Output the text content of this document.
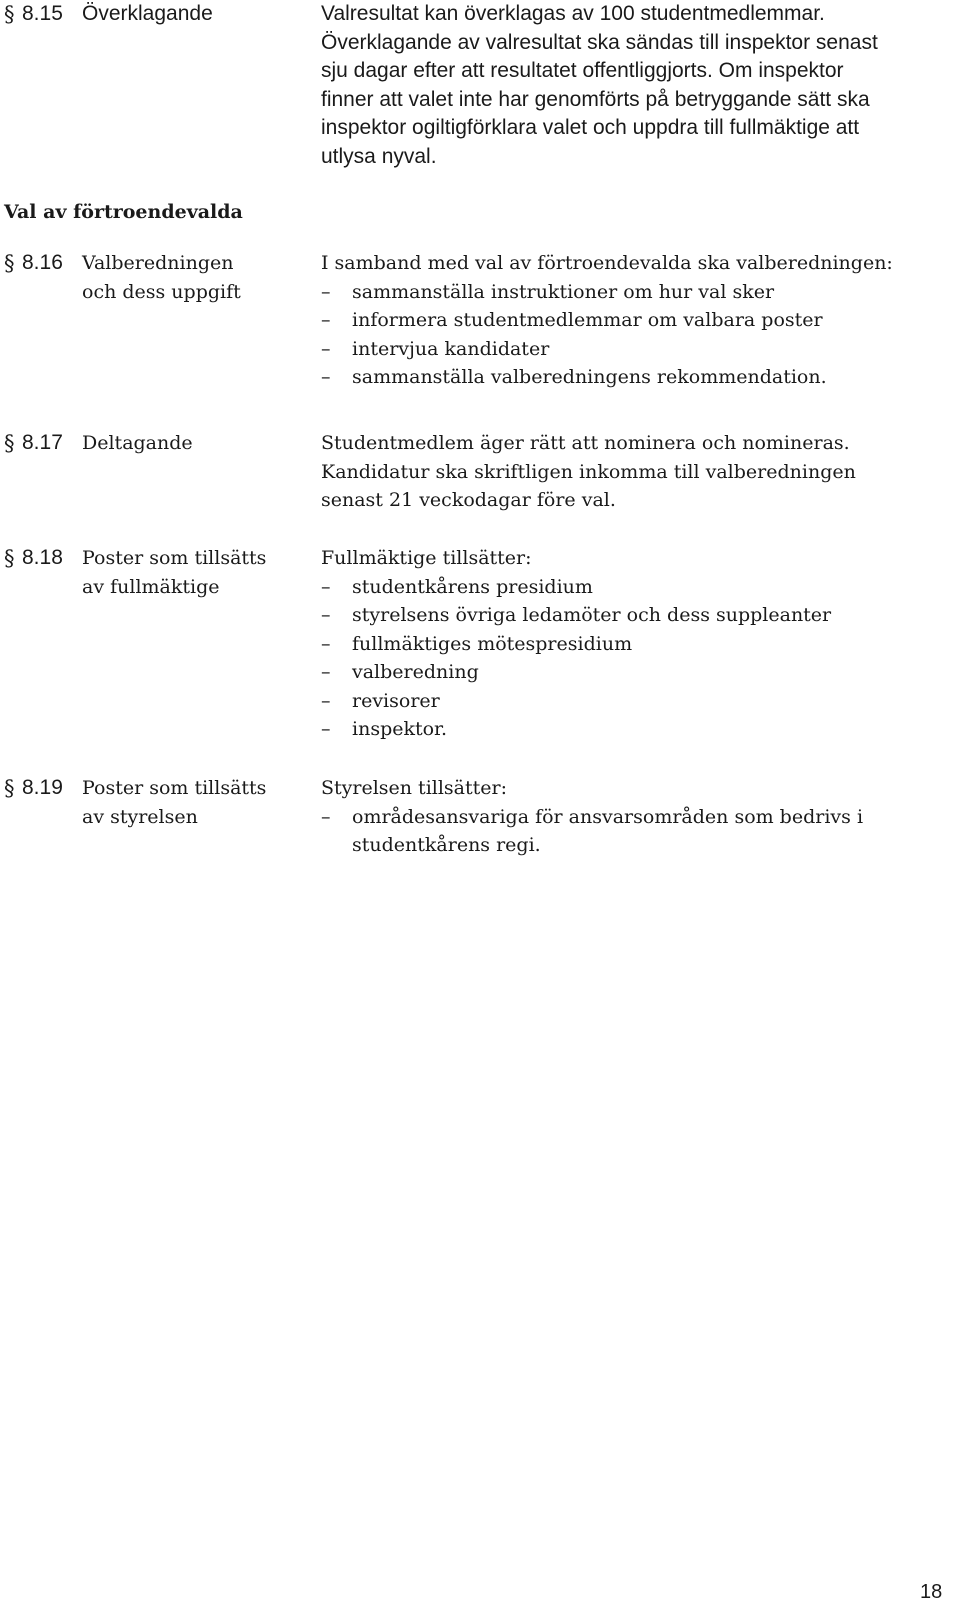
§ 8.15 Överklagande	Valresultat kan överklagas av 100 studentmedlemmar.
Överklagande av valresultat ska sändas till inspektor senast
sju dagar efter att resultatet offentliggjorts. Om inspektor
finner att valet inte har genomförts på betryggande sätt ska
inspektor ogiltigförklara valet och uppdra till fullmäktige att
utlysa nyval.
Val av förtroendevalda
§ 8.16 Valberedningen
och dess uppgift
I samband med val av förtroendevalda ska valberedningen:
– sammanställa instruktioner om hur val sker
– informera studentmedlemmar om valbara poster
– intervjua kandidater
– sammanställa valberedningens rekommendation.
§ 8.17 Deltagande	Studentmedlem äger rätt att nominera och nomineras.
Kandidatur ska skriftligen inkomma till valberedningen
senast 21 veckodagar före val.
§ 8.18 Poster som tillsätts
av fullmäktige
Fullmäktige tillsätter:
– studentkårens presidium
– styrelsens övriga ledamöter och dess suppleanter
– fullmäktiges mötespresidium
– valberedning
– revisorer
– inspektor.
§ 8.19 Poster som tillsätts
av styrelsen
Styrelsen tillsätter:
– områdesansvariga för ansvarsområden som bedrivs i studentkårens regi.
18
